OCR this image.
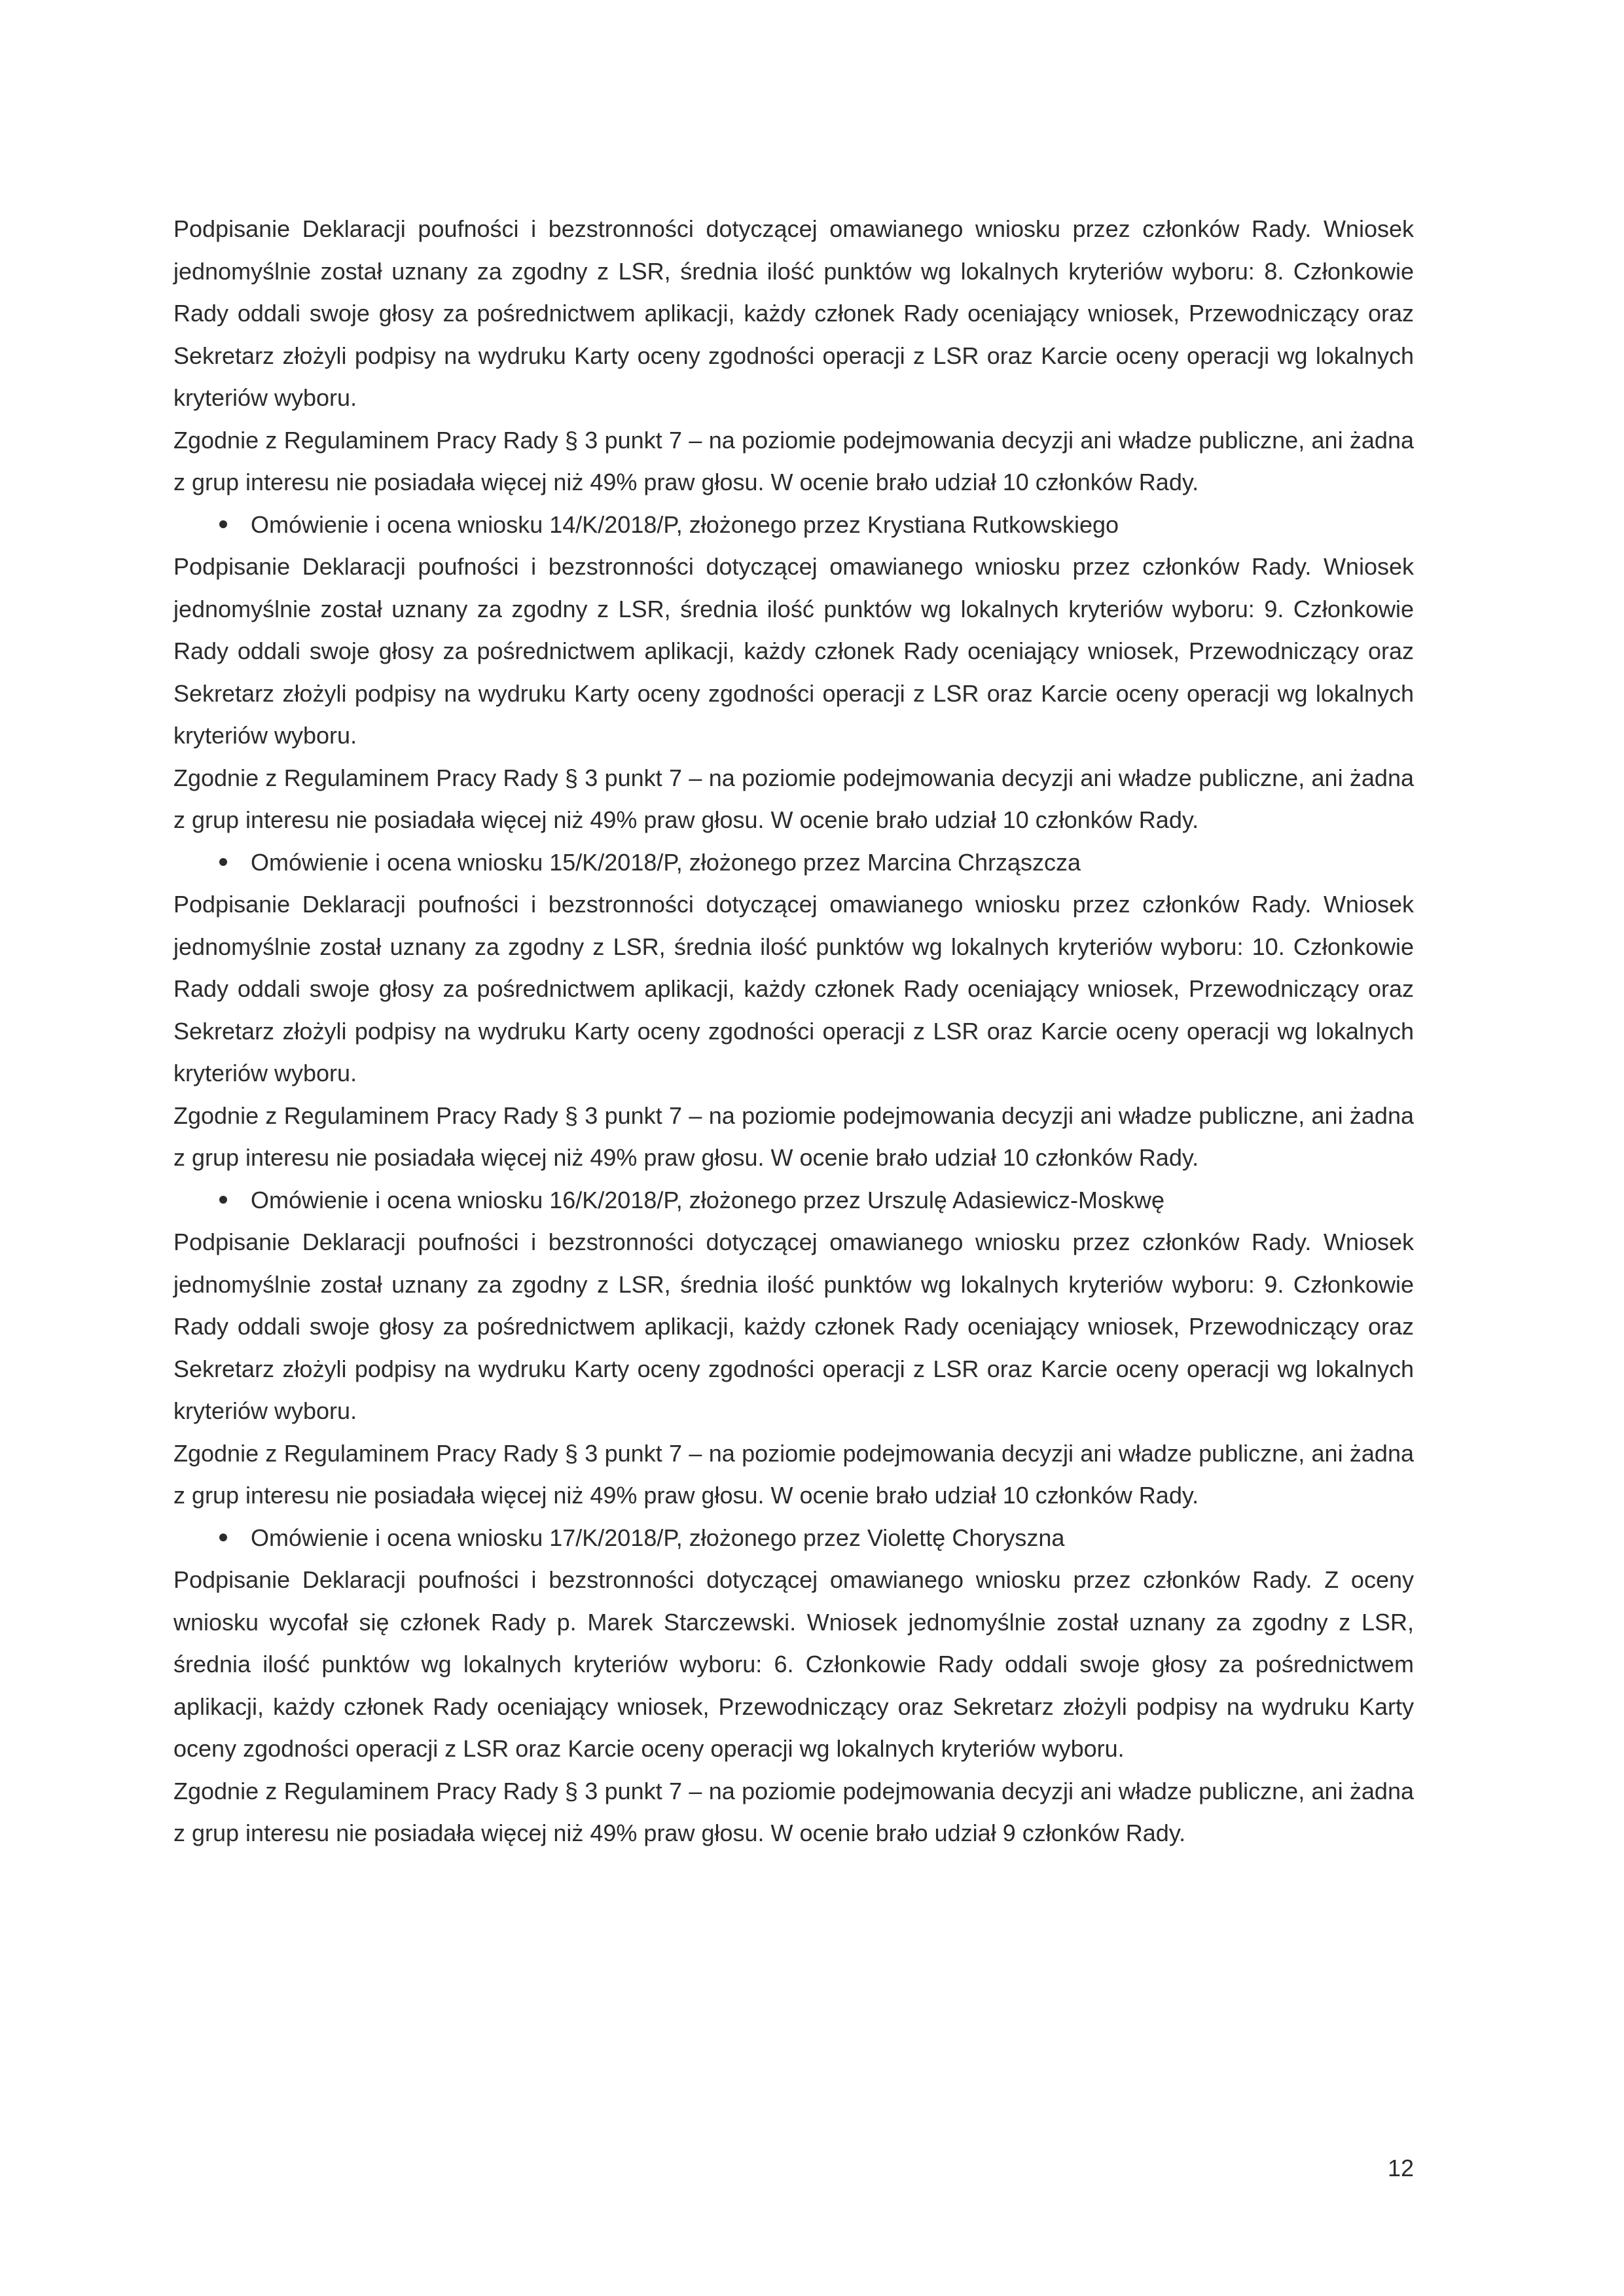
Podpisanie Deklaracji poufności i bezstronności dotyczącej omawianego wniosku przez członków Rady. Wniosek jednomyślnie został uznany za zgodny z LSR, średnia ilość punktów wg lokalnych kryteriów wyboru: 8. Członkowie Rady oddali swoje głosy za pośrednictwem aplikacji, każdy członek Rady oceniający wniosek, Przewodniczący oraz Sekretarz złożyli podpisy na wydruku Karty oceny zgodności operacji z LSR oraz Karcie oceny operacji wg lokalnych kryteriów wyboru.

Zgodnie z Regulaminem Pracy Rady § 3 punkt 7 – na poziomie podejmowania decyzji ani władze publiczne, ani żadna z grup interesu nie posiadała więcej niż 49% praw głosu. W ocenie brało udział 10 członków Rady.

Omówienie i ocena wniosku 14/K/2018/P, złożonego przez Krystiana Rutkowskiego

Podpisanie Deklaracji poufności i bezstronności dotyczącej omawianego wniosku przez członków Rady. Wniosek jednomyślnie został uznany za zgodny z LSR, średnia ilość punktów wg lokalnych kryteriów wyboru: 9. Członkowie Rady oddali swoje głosy za pośrednictwem aplikacji, każdy członek Rady oceniający wniosek, Przewodniczący oraz Sekretarz złożyli podpisy na wydruku Karty oceny zgodności operacji z LSR oraz Karcie oceny operacji wg lokalnych kryteriów wyboru.

Zgodnie z Regulaminem Pracy Rady § 3 punkt 7 – na poziomie podejmowania decyzji ani władze publiczne, ani żadna z grup interesu nie posiadała więcej niż 49% praw głosu. W ocenie brało udział 10 członków Rady.

Omówienie i ocena wniosku 15/K/2018/P, złożonego przez Marcina Chrząszcza

Podpisanie Deklaracji poufności i bezstronności dotyczącej omawianego wniosku przez członków Rady. Wniosek jednomyślnie został uznany za zgodny z LSR, średnia ilość punktów wg lokalnych kryteriów wyboru: 10. Członkowie Rady oddali swoje głosy za pośrednictwem aplikacji, każdy członek Rady oceniający wniosek, Przewodniczący oraz Sekretarz złożyli podpisy na wydruku Karty oceny zgodności operacji z LSR oraz Karcie oceny operacji wg lokalnych kryteriów wyboru.

Zgodnie z Regulaminem Pracy Rady § 3 punkt 7 – na poziomie podejmowania decyzji ani władze publiczne, ani żadna z grup interesu nie posiadała więcej niż 49% praw głosu. W ocenie brało udział 10 członków Rady.

Omówienie i ocena wniosku 16/K/2018/P, złożonego przez Urszulę Adasiewicz-Moskwę

Podpisanie Deklaracji poufności i bezstronności dotyczącej omawianego wniosku przez członków Rady. Wniosek jednomyślnie został uznany za zgodny z LSR, średnia ilość punktów wg lokalnych kryteriów wyboru: 9. Członkowie Rady oddali swoje głosy za pośrednictwem aplikacji, każdy członek Rady oceniający wniosek, Przewodniczący oraz Sekretarz złożyli podpisy na wydruku Karty oceny zgodności operacji z LSR oraz Karcie oceny operacji wg lokalnych kryteriów wyboru.

Zgodnie z Regulaminem Pracy Rady § 3 punkt 7 – na poziomie podejmowania decyzji ani władze publiczne, ani żadna z grup interesu nie posiadała więcej niż 49% praw głosu. W ocenie brało udział 10 członków Rady.

Omówienie i ocena wniosku 17/K/2018/P, złożonego przez Violettę Choryszna

Podpisanie Deklaracji poufności i bezstronności dotyczącej omawianego wniosku przez członków Rady. Z oceny wniosku wycofał się członek Rady p. Marek Starczewski. Wniosek jednomyślnie został uznany za zgodny z LSR, średnia ilość punktów wg lokalnych kryteriów wyboru: 6. Członkowie Rady oddali swoje głosy za pośrednictwem aplikacji, każdy członek Rady oceniający wniosek, Przewodniczący oraz Sekretarz złożyli podpisy na wydruku Karty oceny zgodności operacji z LSR oraz Karcie oceny operacji wg lokalnych kryteriów wyboru.

Zgodnie z Regulaminem Pracy Rady § 3 punkt 7 – na poziomie podejmowania decyzji ani władze publiczne, ani żadna z grup interesu nie posiadała więcej niż 49% praw głosu. W ocenie brało udział 9 członków Rady.

12
